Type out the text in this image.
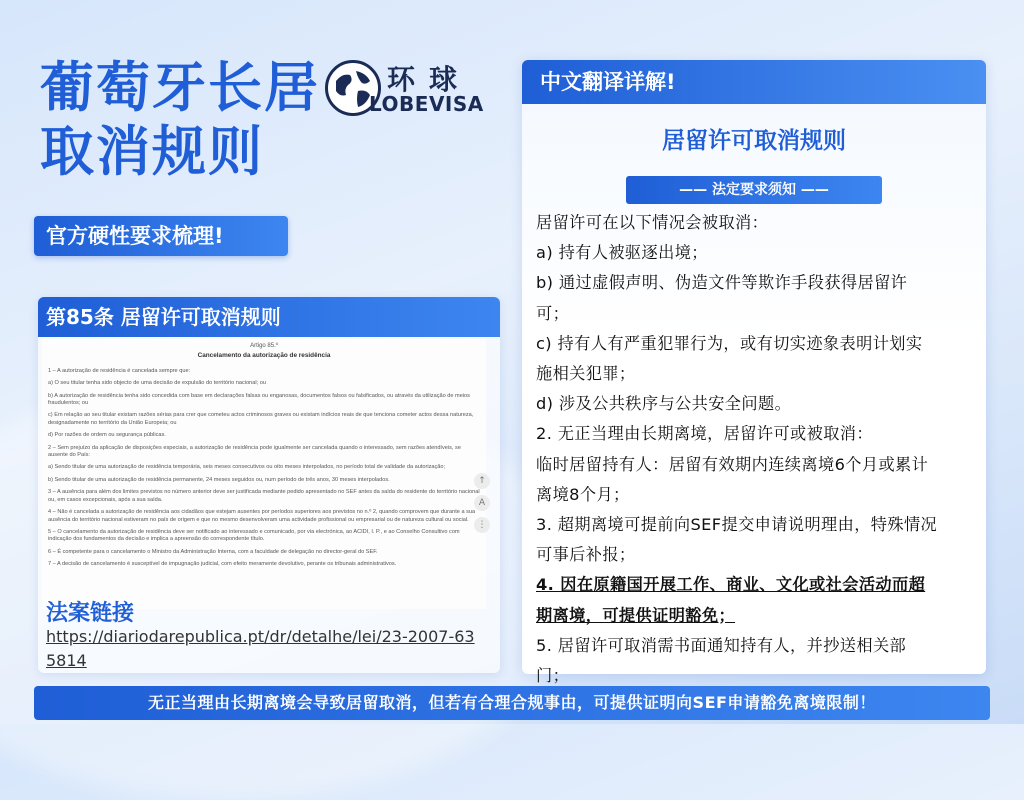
葡萄牙长居
取消规则
环球
LOBEVISA
官方硬性要求梳理!
第85条 居留许可取消规则
Artigo 85.º
Cancelamento da autorização de residência

1 – A autorização de residência é cancelada sempre que:

a) O seu titular tenha sido objecto de uma decisão de expulsão do território nacional; ou

b) A autorização de residência tenha sido concedida com base em declarações falsas ou enganosas, documentos falsos ou falsificados, ou através da utilização de meios fraudulentos; ou

c) Em relação ao seu titular existam razões sérias para crer que cometeu actos criminosos graves ou existam indícios reais de que tenciona cometer actos dessa natureza, designadamente no território da União Europeia; ou

d) Por razões de ordem ou segurança públicas.

2 – Sem prejuízo da aplicação de disposições especiais, a autorização de residência pode igualmente ser cancelada quando o interessado, sem razões atendíveis, se ausente do País:

a) Sendo titular de uma autorização de residência temporária, seis meses consecutivos ou oito meses interpolados, no período total de validade da autorização;

b) Sendo titular de uma autorização de residência permanente, 24 meses seguidos ou, num período de três anos, 30 meses interpolados.

3 – A ausência para além dos limites previstos no número anterior deve ser justificada mediante pedido apresentado no SEF antes da saída do residente do território nacional ou, em casos excepcionais, após a sua saída.

4 – Não é cancelada a autorização de residência aos cidadãos que estejam ausentes por períodos superiores aos previstos no n.º 2, quando comprovem que durante a sua ausência do território nacional estiveram no país de origem e que no mesmo desenvolveram uma actividade profissional ou empresarial ou de natureza cultural ou social.

5 – O cancelamento da autorização de residência deve ser notificado ao interessado e comunicado, por via electrónica, ao ACIDI, I. P., e ao Conselho Consultivo com indicação dos fundamentos da decisão e implica a apreensão do correspondente título.

6 – É competente para o cancelamento o Ministro da Administração Interna, com a faculdade de delegação no director-geral do SEF.

7 – A decisão de cancelamento é susceptível de impugnação judicial, com efeito meramente devolutivo, perante os tribunais administrativos.

↑
A
⋮
法案链接
https://diariodarepublica.pt/dr/detalhe/lei/23-2007-635814
中文翻译详解!
居留许可取消规则
—— 法定要求须知 ——
居留许可在以下情况会被取消：
a) 持有人被驱逐出境；
b) 通过虚假声明、伪造文件等欺诈手段获得居留许
可；
c) 持有人有严重犯罪行为，或有切实迹象表明计划实
施相关犯罪；
d) 涉及公共秩序与公共安全问题。
2. 无正当理由长期离境，居留许可或被取消：
临时居留持有人：居留有效期内连续离境6个月或累计
离境8个月；
3. 超期离境可提前向SEF提交申请说明理由，特殊情况
可事后补报；
4. 因在原籍国开展工作、商业、文化或社会活动而超
期离境，可提供证明豁免；
5. 居留许可取消需书面通知持有人，并抄送相关部
门；
无正当理由长期离境会导致居留取消，但若有合理合规事由，可提供证明向SEF申请豁免离境限制！
